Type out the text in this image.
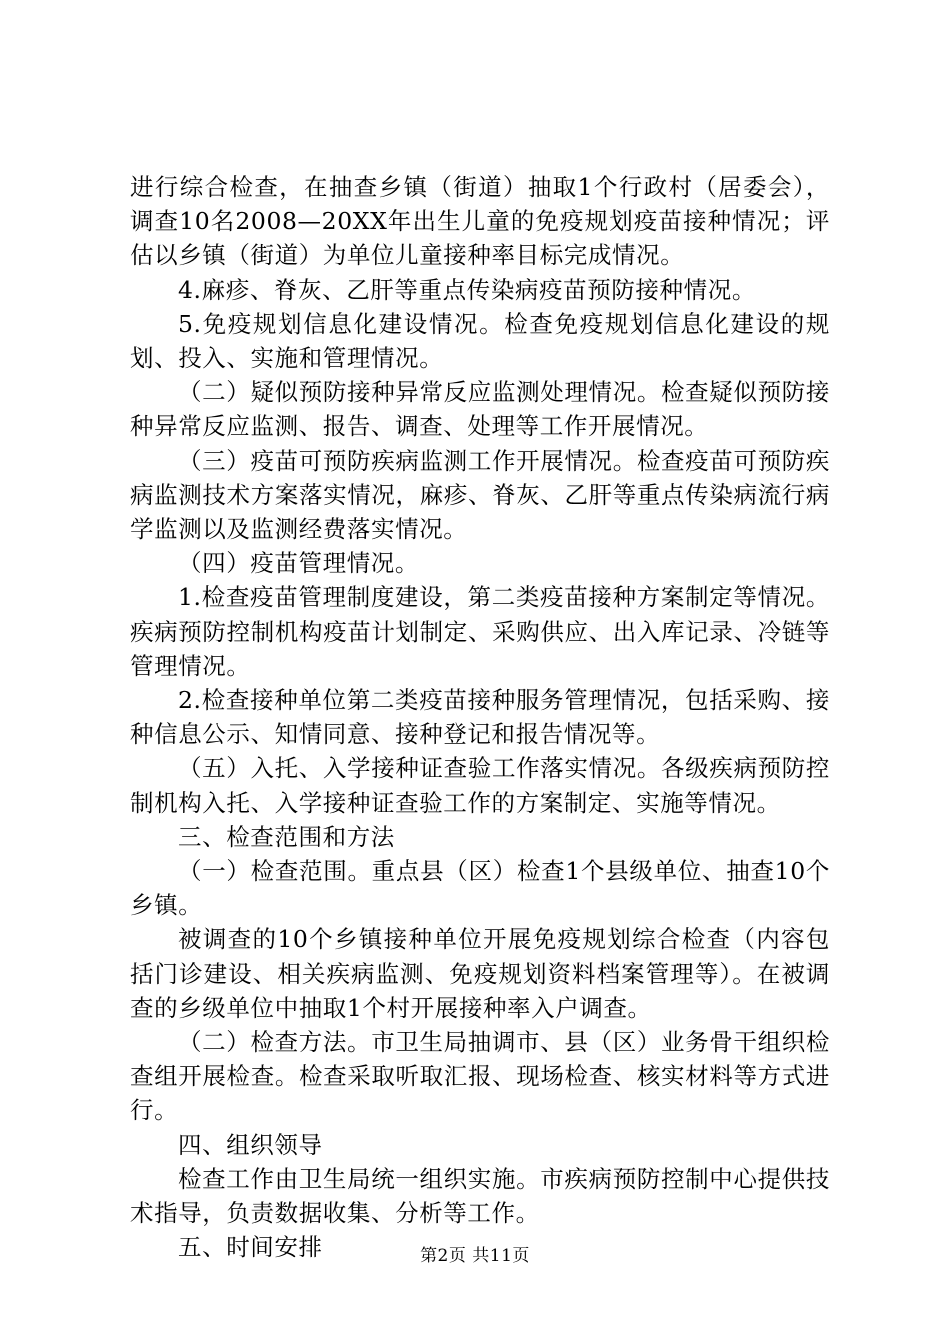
进行综合检查，在抽查乡镇（街道）抽取1个行政村（居委会），调查10名2008—20XX年出生儿童的免疫规划疫苗接种情况；评估以乡镇（街道）为单位儿童接种率目标完成情况。

4.麻疹、脊灰、乙肝等重点传染病疫苗预防接种情况。

5.免疫规划信息化建设情况。检查免疫规划信息化建设的规划、投入、实施和管理情况。

（二）疑似预防接种异常反应监测处理情况。检查疑似预防接种异常反应监测、报告、调查、处理等工作开展情况。

（三）疫苗可预防疾病监测工作开展情况。检查疫苗可预防疾病监测技术方案落实情况，麻疹、脊灰、乙肝等重点传染病流行病学监测以及监测经费落实情况。

（四）疫苗管理情况。

1.检查疫苗管理制度建设，第二类疫苗接种方案制定等情况。疾病预防控制机构疫苗计划制定、采购供应、出入库记录、冷链等管理情况。

2.检查接种单位第二类疫苗接种服务管理情况，包括采购、接种信息公示、知情同意、接种登记和报告情况等。

（五）入托、入学接种证查验工作落实情况。各级疾病预防控制机构入托、入学接种证查验工作的方案制定、实施等情况。

三、检查范围和方法

（一）检查范围。重点县（区）检查1个县级单位、抽查10个乡镇。

被调查的10个乡镇接种单位开展免疫规划综合检查（内容包括门诊建设、相关疾病监测、免疫规划资料档案管理等）。在被调查的乡级单位中抽取1个村开展接种率入户调查。

（二）检查方法。市卫生局抽调市、县（区）业务骨干组织检查组开展检查。检查采取听取汇报、现场检查、核实材料等方式进行。

四、组织领导

检查工作由卫生局统一组织实施。市疾病预防控制中心提供技术指导，负责数据收集、分析等工作。

五、时间安排	第2页 共11页
